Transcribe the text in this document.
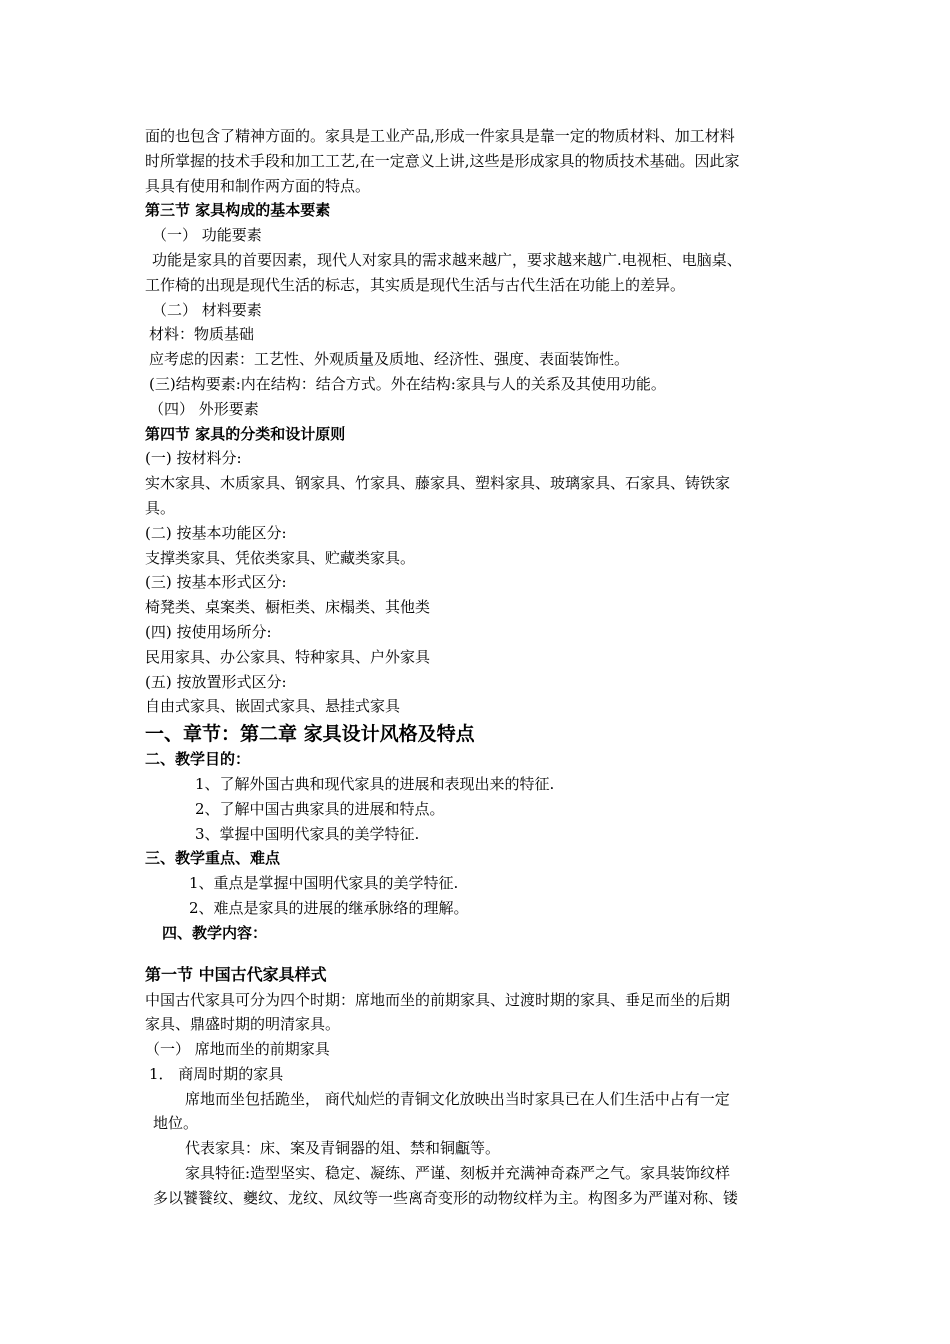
面的也包含了精神方面的。家具是工业产品,形成一件家具是靠一定的物质材料、加工材料
时所掌握的技术手段和加工工艺,在一定意义上讲,这些是形成家具的物质技术基础。因此家
具具有使用和制作两方面的特点。
第三节 家具构成的基本要素
（一） 功能要素
功能是家具的首要因素，现代人对家具的需求越来越广，要求越来越广.电视柜、电脑桌、
工作椅的出现是现代生活的标志，其实质是现代生活与古代生活在功能上的差异。
（二） 材料要素
材料：物质基础
应考虑的因素：工艺性、外观质量及质地、经济性、强度、表面装饰性。
(三)结构要素:内在结构：结合方式。外在结构:家具与人的关系及其使用功能。
（四） 外形要素
第四节 家具的分类和设计原则
(一) 按材料分:
实木家具、木质家具、钢家具、竹家具、藤家具、塑料家具、玻璃家具、石家具、铸铁家
具。
(二) 按基本功能区分:
支撑类家具、凭依类家具、贮藏类家具。
(三) 按基本形式区分:
椅凳类、桌案类、橱柜类、床榻类、其他类
(四) 按使用场所分:
民用家具、办公家具、特种家具、户外家具
(五) 按放置形式区分:
自由式家具、嵌固式家具、悬挂式家具
一、章节：第二章 家具设计风格及特点
二、教学目的：
1、了解外国古典和现代家具的进展和表现出来的特征.
2、了解中国古典家具的进展和特点。
3、掌握中国明代家具的美学特征.
三、教学重点、难点
1、重点是掌握中国明代家具的美学特征.
2、难点是家具的进展的继承脉络的理解。
四、教学内容：
第一节 中国古代家具样式
中国古代家具可分为四个时期：席地而坐的前期家具、过渡时期的家具、垂足而坐的后期
家具、鼎盛时期的明清家具。
（一） 席地而坐的前期家具
1． 商周时期的家具
席地而坐包括跪坐， 商代灿烂的青铜文化放映出当时家具已在人们生活中占有一定
地位。
代表家具：床、案及青铜器的俎、禁和铜甗等。
家具特征:造型坚实、稳定、凝练、严谨、刻板并充满神奇森严之气。家具装饰纹样
多以饕餮纹、夔纹、龙纹、凤纹等一些离奇变形的动物纹样为主。构图多为严谨对称、镂
